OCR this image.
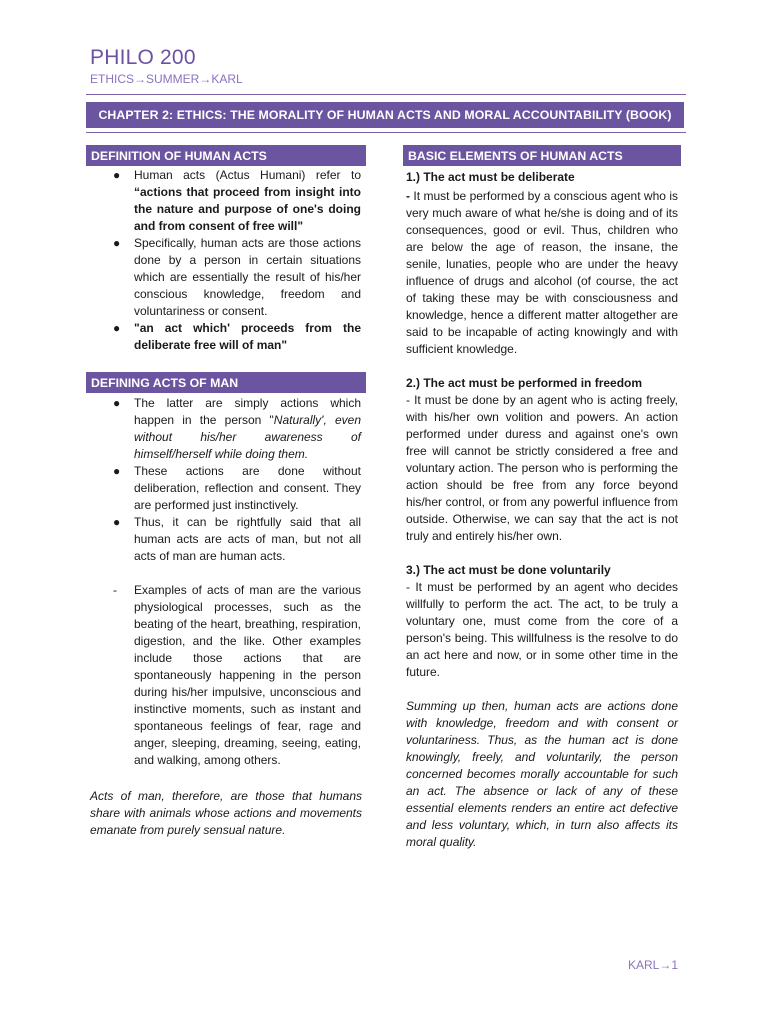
PHILO 200
ETHICS→SUMMER→KARL
CHAPTER 2: ETHICS: THE MORALITY OF HUMAN ACTS AND MORAL ACCOUNTABILITY (BOOK)
DEFINITION OF HUMAN ACTS
● Human acts (Actus Humani) refer to “actions that proceed from insight into the nature and purpose of one's doing and from consent of free will"
● Specifically, human acts are those actions done by a person in certain situations which are essentially the result of his/her conscious knowledge, freedom and voluntariness or consent.
● "an act which' proceeds from the deliberate free will of man"
DEFINING ACTS OF MAN
● The latter are simply actions which happen in the person "Naturally', even without his/her awareness of himself/herself while doing them.
● These actions are done without deliberation, reflection and consent. They are performed just instinctively.
● Thus, it can be rightfully said that all human acts are acts of man, but not all acts of man are human acts.
- Examples of acts of man are the various physiological processes, such as the beating of the heart, breathing, respiration, digestion, and the like. Other examples include those actions that are spontaneously happening in the person during his/her impulsive, unconscious and instinctive moments, such as instant and spontaneous feelings of fear, rage and anger, sleeping, dreaming, seeing, eating, and walking, among others.
Acts of man, therefore, are those that humans share with animals whose actions and movements emanate from purely sensual nature.
BASIC ELEMENTS OF HUMAN ACTS

1.) The act must be deliberate

- It must be performed by a conscious agent who is very much aware of what he/she is doing and of its consequences, good or evil. Thus, children who are below the age of reason, the insane, the senile, lunaties, people who are under the heavy influence of drugs and alcohol (of course, the act of taking these may be with consciousness and knowledge, hence a different matter altogether are said to be incapable of acting knowingly and with sufficient knowledge.

2.) The act must be performed in freedom

- It must be done by an agent who is acting freely, with his/her own volition and powers. An action performed under duress and against one's own free will cannot be strictly considered a free and voluntary action. The person who is performing the action should be free from any force beyond his/her control, or from any powerful influence from outside. Otherwise, we can say that the act is not truly and entirely his/her own.

3.) The act must be done voluntarily

- It must be performed by an agent who decides willfully to perform the act. The act, to be truly a voluntary one, must come from the core of a person's being. This willfulness is the resolve to do an act here and now, or in some other time in the future.

Summing up then, human acts are actions done with knowledge, freedom and with consent or voluntariness. Thus, as the human act is done knowingly, freely, and voluntarily, the person concerned becomes morally accountable for such an act. The absence or lack of any of these essential elements renders an entire act defective and less voluntary, which, in turn also affects its moral quality.

KARL→1
